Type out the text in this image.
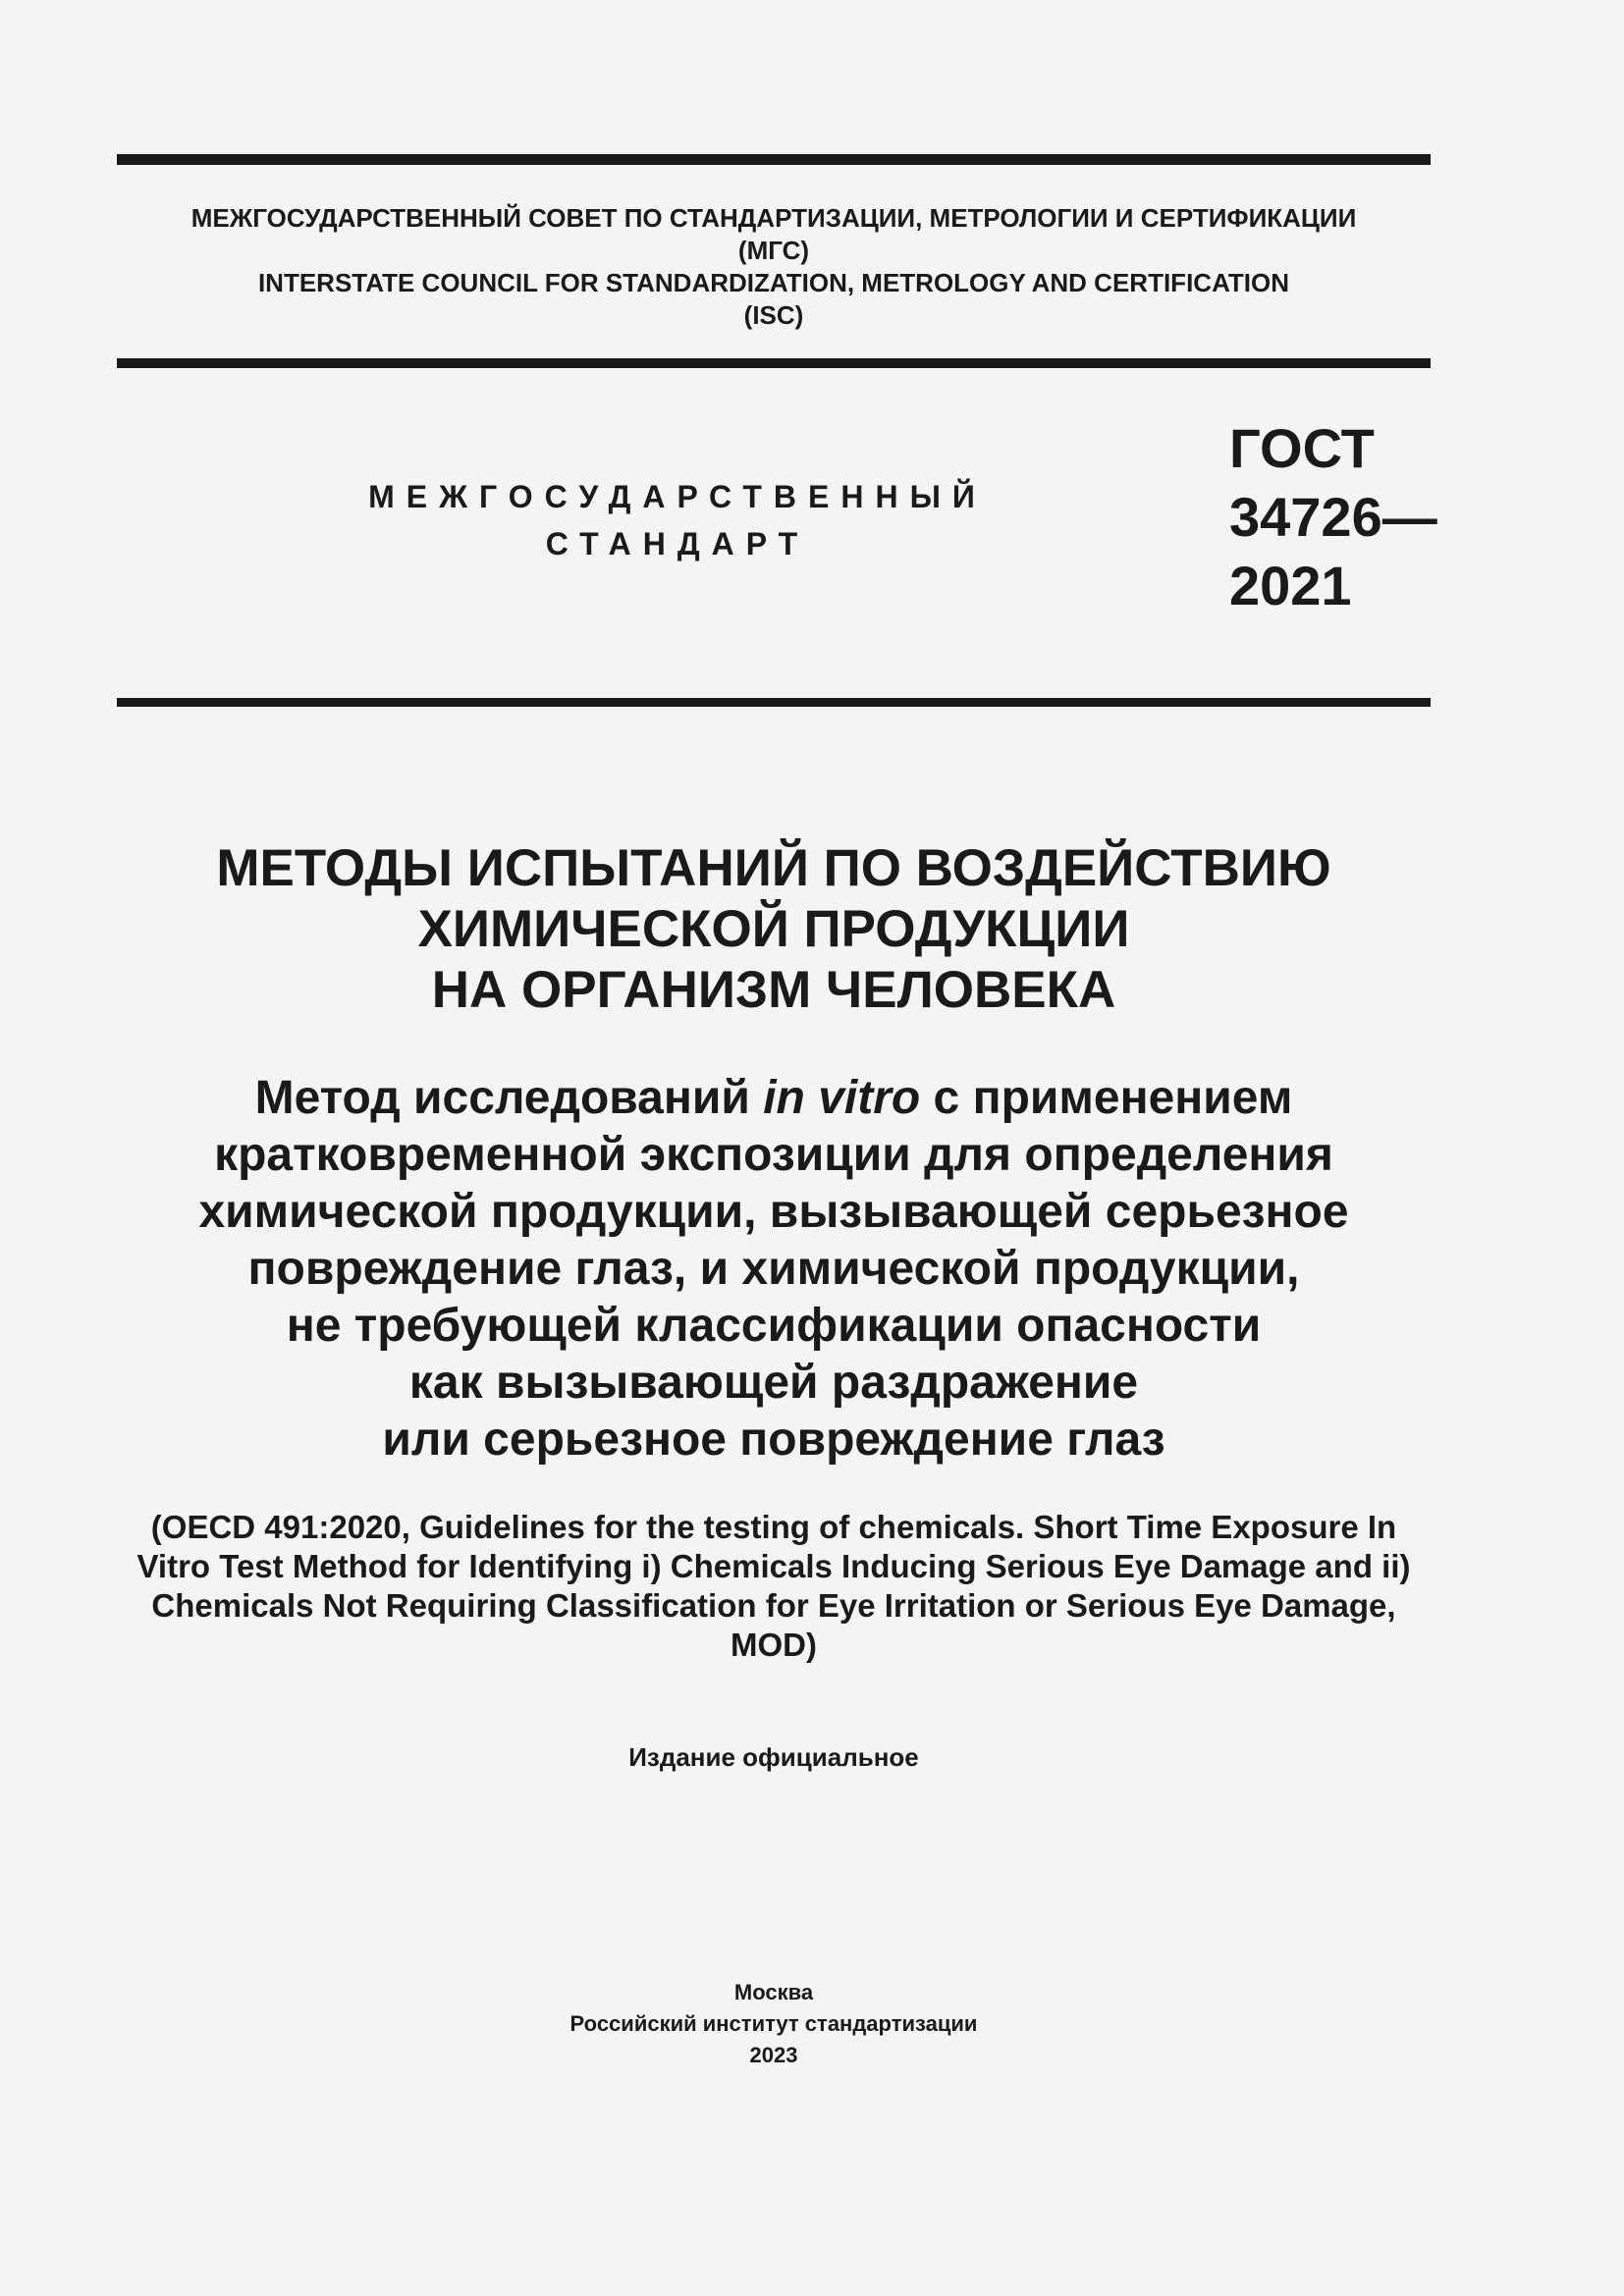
МЕЖГОСУДАРСТВЕННЫЙ СОВЕТ ПО СТАНДАРТИЗАЦИИ, МЕТРОЛОГИИ И СЕРТИФИКАЦИИ
(МГС)
INTERSTATE COUNCIL FOR STANDARDIZATION, METROLOGY AND CERTIFICATION
(ISC)
МЕЖГОСУДАРСТВЕННЫЙ
СТАНДАРТ
ГОСТ
34726—
2021
МЕТОДЫ ИСПЫТАНИЙ ПО ВОЗДЕЙСТВИЮ
ХИМИЧЕСКОЙ ПРОДУКЦИИ
НА ОРГАНИЗМ ЧЕЛОВЕКА
Метод исследований in vitro с применением
кратковременной экспозиции для определения
химической продукции, вызывающей серьезное
повреждение глаз, и химической продукции,
не требующей классификации опасности
как вызывающей раздражение
или серьезное повреждение глаз
(OECD 491:2020, Guidelines for the testing of chemicals. Short Time Exposure In
Vitro Test Method for Identifying i) Chemicals Inducing Serious Eye Damage and ii)
Chemicals Not Requiring Classification for Eye Irritation or Serious Eye Damage,
MOD)
Издание официальное
Москва
Российский институт стандартизации
2023
